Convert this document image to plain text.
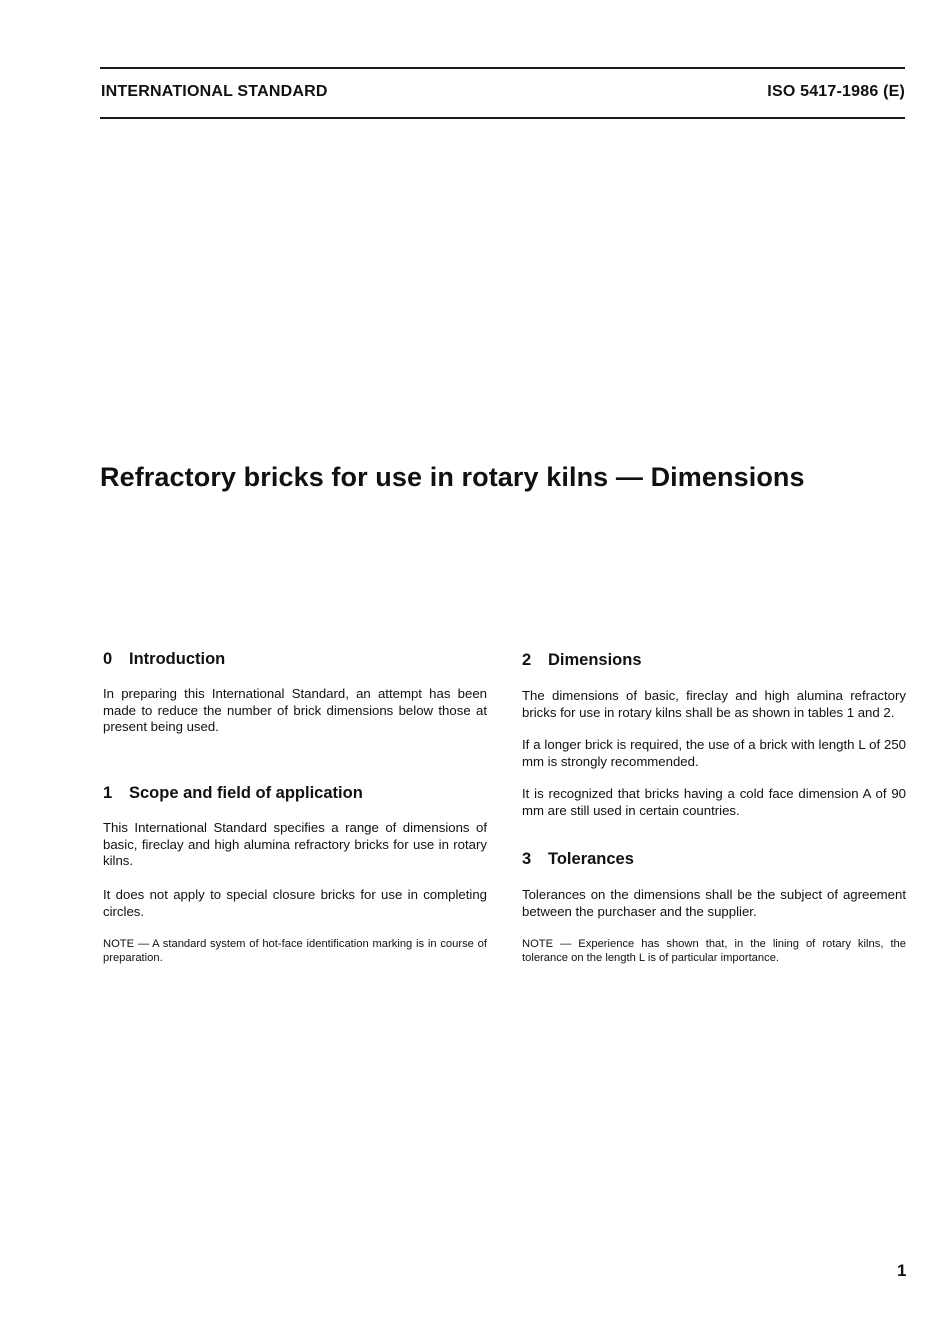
INTERNATIONAL STANDARD	ISO 5417-1986 (E)
Refractory bricks for use in rotary kilns — Dimensions
0 Introduction

In preparing this International Standard, an attempt has been made to reduce the number of brick dimensions below those at present being used.

1 Scope and field of application

This International Standard specifies a range of dimensions of basic, fireclay and high alumina refractory bricks for use in rotary kilns.

It does not apply to special closure bricks for use in completing circles.

NOTE — A standard system of hot-face identification marking is in course of preparation.

2 Dimensions

The dimensions of basic, fireclay and high alumina refractory bricks for use in rotary kilns shall be as shown in tables 1 and 2.

If a longer brick is required, the use of a brick with length L of 250 mm is strongly recommended.

It is recognized that bricks having a cold face dimension A of 90 mm are still used in certain countries.

3 Tolerances

Tolerances on the dimensions shall be the subject of agreement between the purchaser and the supplier.

NOTE — Experience has shown that, in the lining of rotary kilns, the tolerance on the length L is of particular importance.

1
